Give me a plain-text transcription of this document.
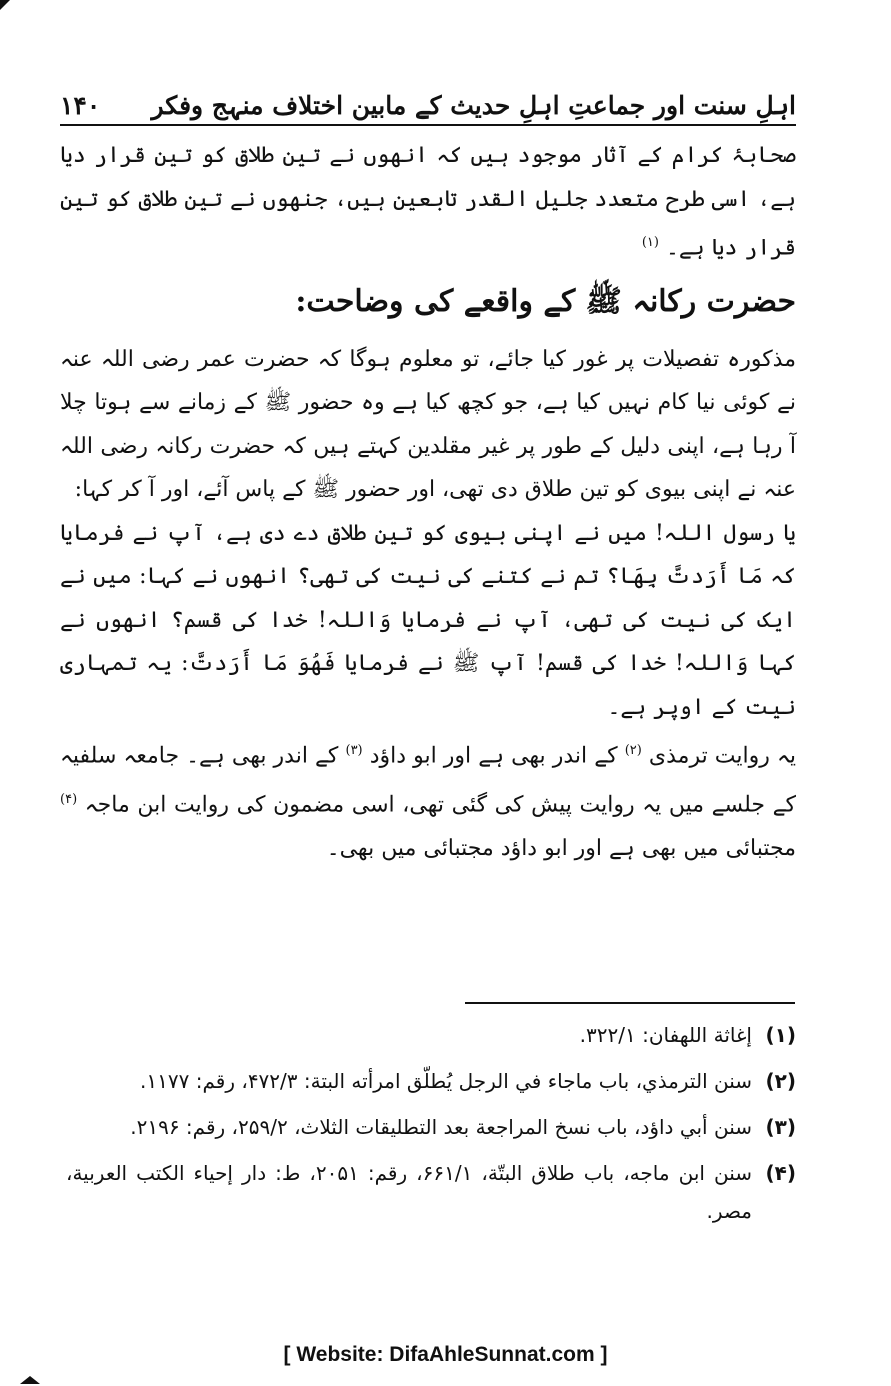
اہلِ سنت اور جماعتِ اہلِ حدیث کے مابین اختلاف منہج وفکر
۱۴۰

صحابۂ کرام کے آثار موجود ہیں کہ انھوں نے تین طلاق کو تین قرار دیا ہے، اسی طرح متعدد جلیل القدر تابعین ہیں، جنھوں نے تین طلاق کو تین قرار دیا ہے۔ $^{(۱)}$

حضرت رکانہ ﷺ کے واقعے کی وضاحت:

مذکورہ تفصیلات پر غور کیا جائے، تو معلوم ہوگا کہ حضرت عمر رضی اللہ عنہ نے کوئی نیا کام نہیں کیا ہے، جو کچھ کیا ہے وہ حضور ﷺ کے زمانے سے ہوتا چلا آ رہا ہے، اپنی دلیل کے طور پر غیر مقلدین کہتے ہیں کہ حضرت رکانہ رضی اللہ عنہ نے اپنی بیوی کو تین طلاق دی تھی، اور حضور ﷺ کے پاس آئے، اور آ کر کہا:

یا رسول اللہ! میں نے اپنی بیوی کو تین طلاق دے دی ہے، آپ نے فرمایا کہ مَا أَرَدتَّ بِهَا؟ تم نے کتنے کی نیت کی تھی؟ انھوں نے کہا: میں نے ایک کی نیت کی تھی، آپ نے فرمایا وَاللہ! خدا کی قسم؟ انھوں نے کہا وَاللہ! خدا کی قسم! آپ ﷺ نے فرمایا فَھُوَ مَا أَرَدتَّ: یہ تمہاری نیت کے اوپر ہے۔

یہ روایت ترمذی $^{(۲)}$ کے اندر بھی ہے اور ابو داؤد $^{(۳)}$ کے اندر بھی ہے۔ جامعہ سلفیہ کے جلسے میں یہ روایت پیش کی گئی تھی، اسی مضمون کی روایت ابن ماجہ $^{(۴)}$ مجتبائی میں بھی ہے اور ابو داؤد مجتبائی میں بھی۔

(۱)
إغاثة اللهفان: ۳۲۲/۱.
(۲)
سنن الترمذي، باب ماجاء في الرجل يُطلّق امرأته البتة: ۴۷۲/۳، رقم: ۱۱۷۷.
(۳)
سنن أبي داؤد، باب نسخ المراجعة بعد التطليقات الثلاث، ۲۵۹/۲، رقم: ۲۱۹۶.
(۴)
سنن ابن ماجه، باب طلاق البتّة، ۶۶۱/۱، رقم: ۲۰۵۱، ط: دار إحياء الكتب العربية، مصر.
[ Website: DifaAhleSunnat.com ]
